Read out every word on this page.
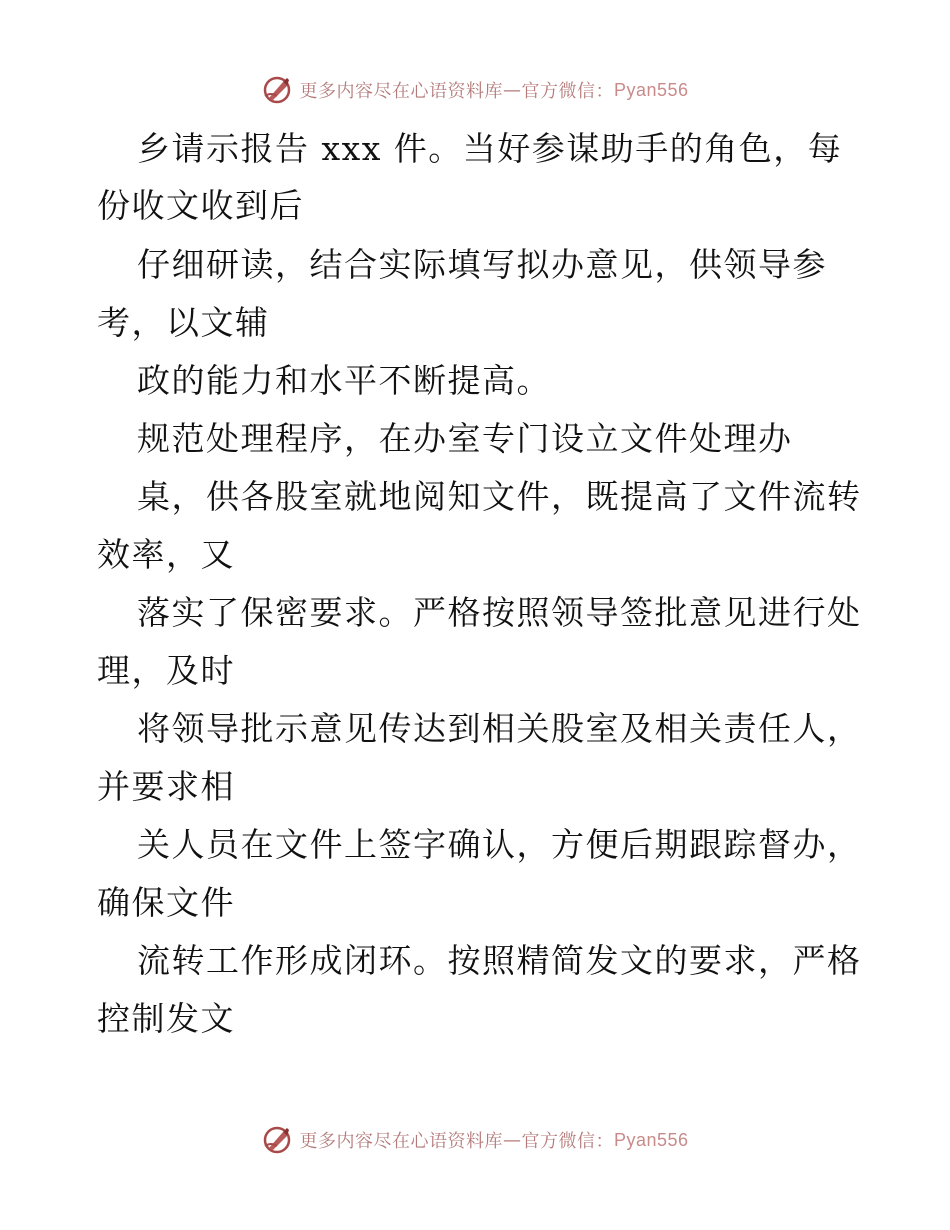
更多内容尽在心语资料库 — 官方微信： Pyan556
乡请示报告 xxx 件。当好参谋助手的角色，每
份收文收到后
仔细研读，结合实际填写拟办意见，供领导参
考，以文辅
政的能力和水平不断提高。
规范处理程序，在办室专门设立文件处理办
桌，供各股室就地阅知文件，既提高了文件流转
效率，又
落实了保密要求。严格按照领导签批意见进行处
理，及时
将领导批示意见传达到相关股室及相关责任人，
并要求相
关人员在文件上签字确认，方便后期跟踪督办，
确保文件
流转工作形成闭环。按照精简发文的要求，严格
控制发文
更多内容尽在心语资料库 — 官方微信： Pyan556
